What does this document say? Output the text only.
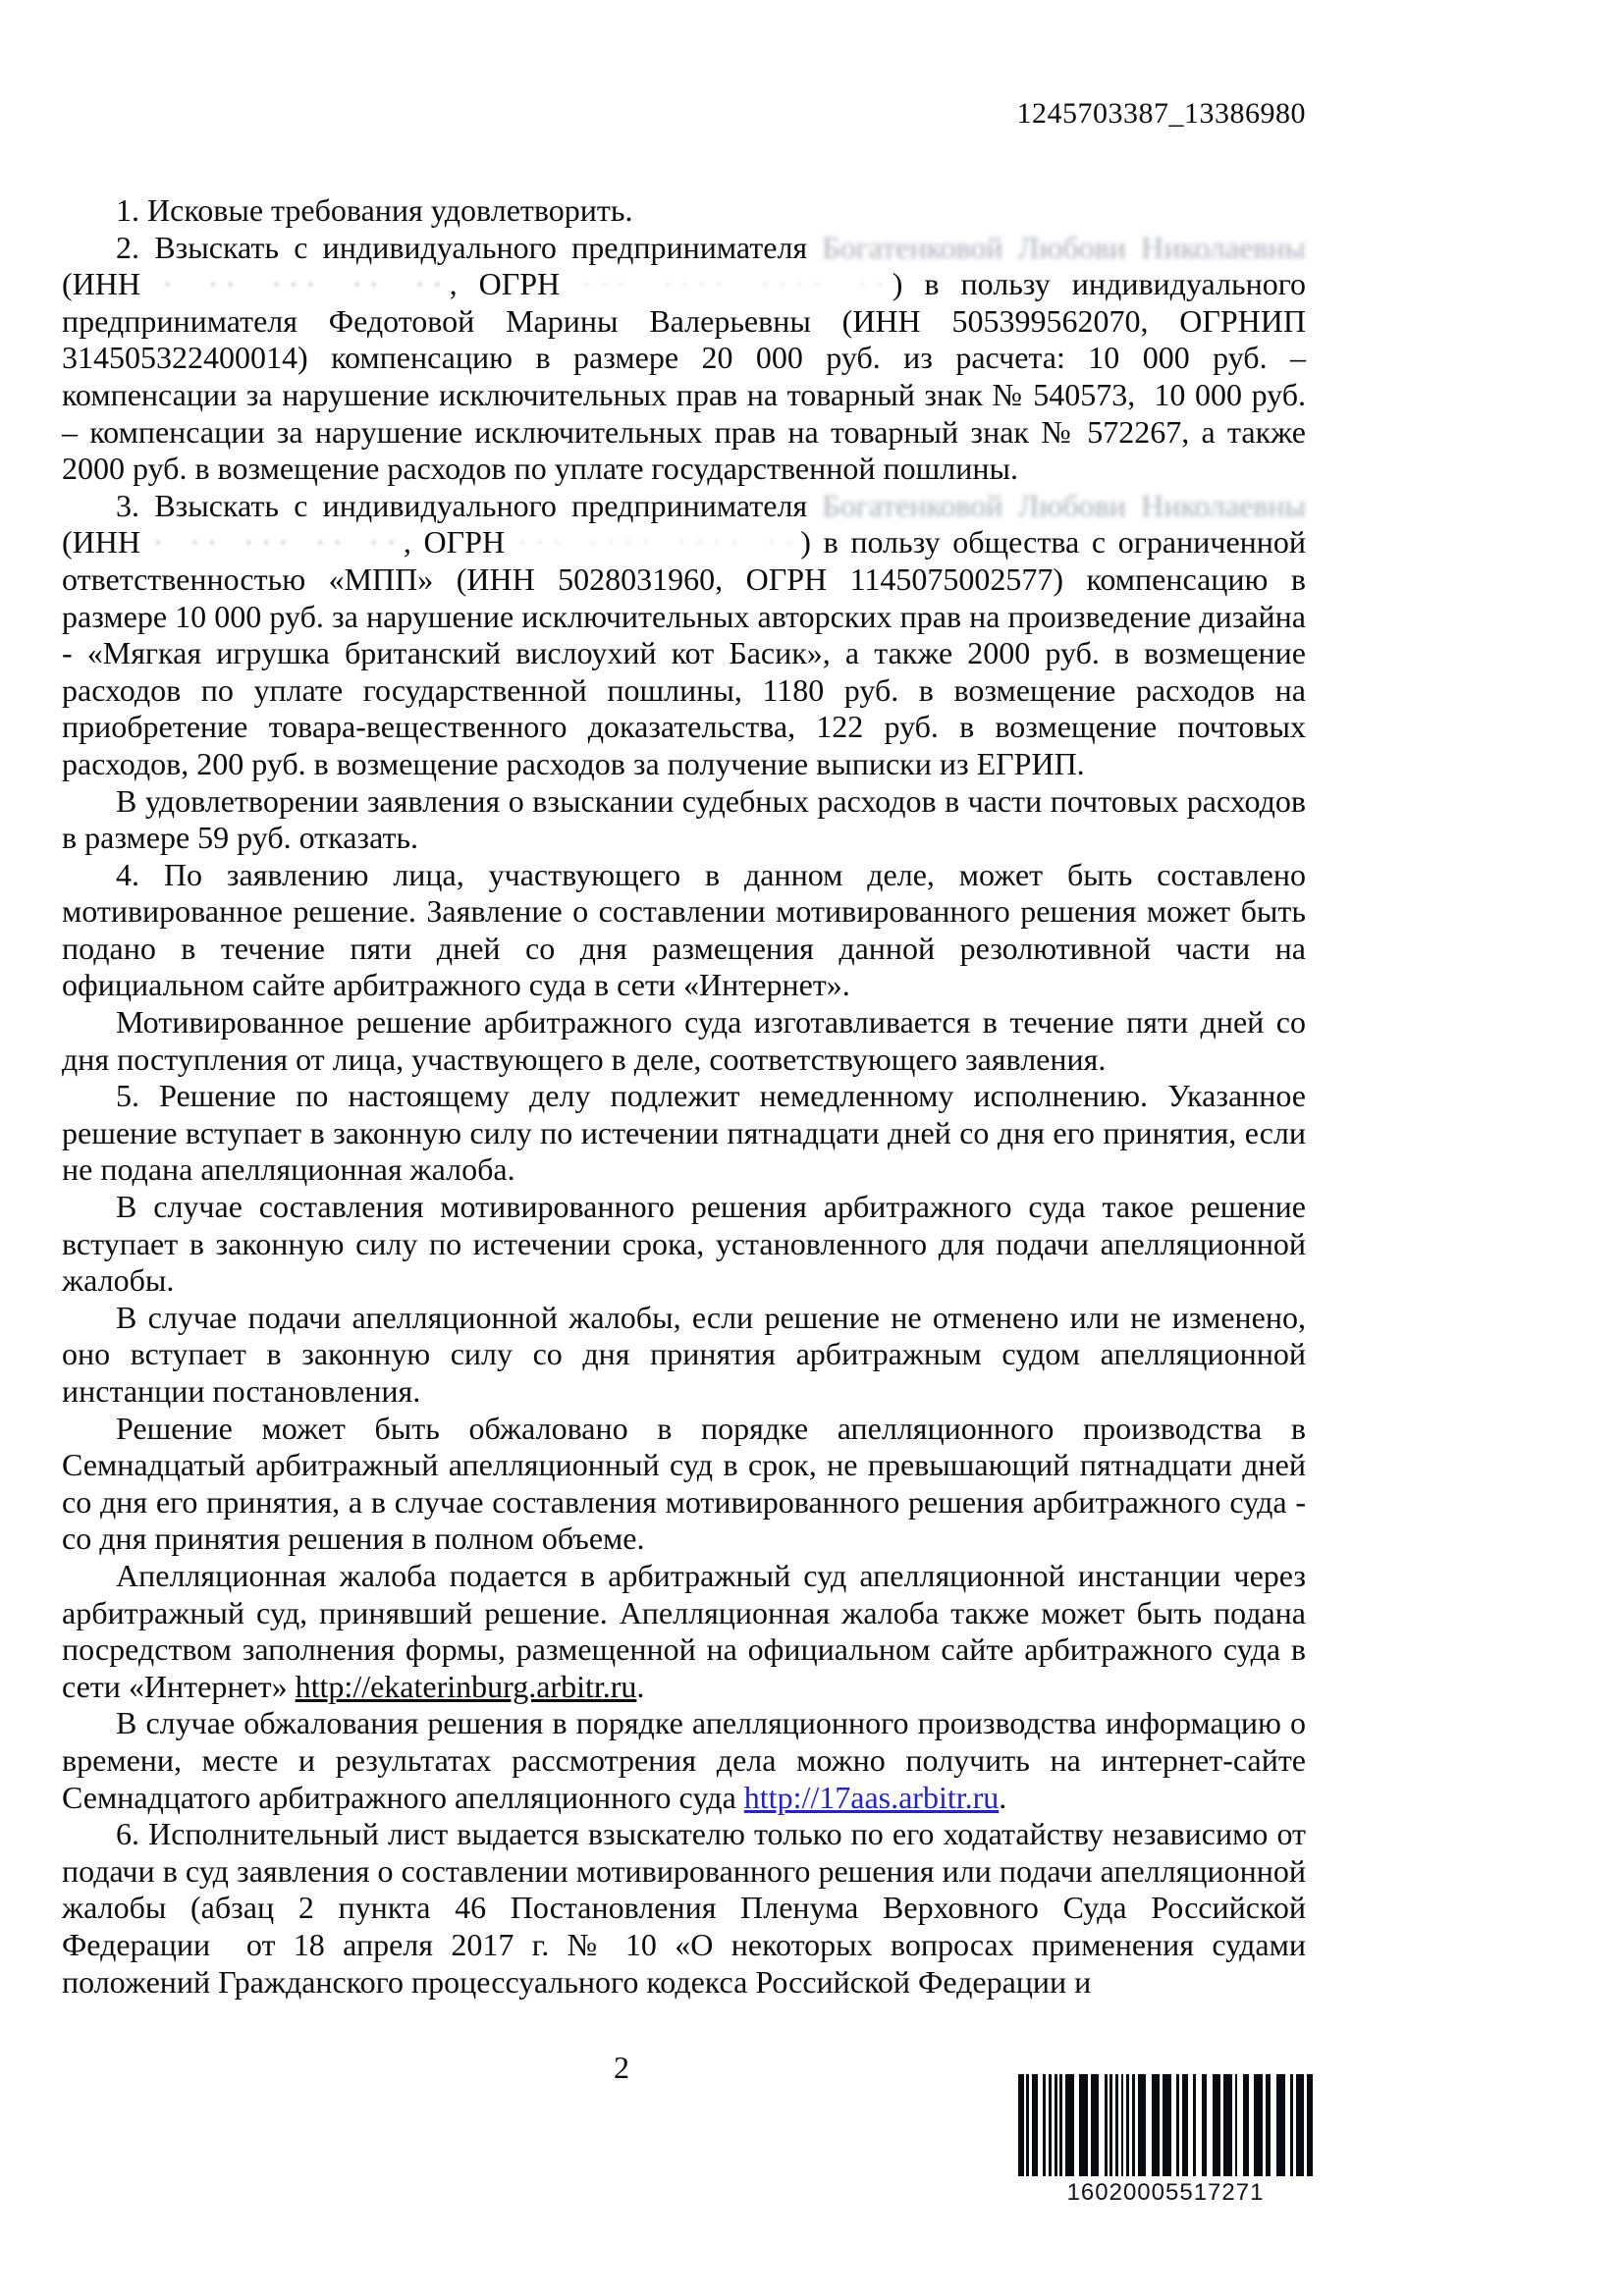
1245703387_13386980

1. Исковые требования удовлетворить.

2. Взыскать с индивидуального предпринимателя Богатенковой Любови Николаевны (ИНН · ·· ··· ·· ··, ОГРН ··· ···· ···· ··) в пользу индивидуального предпринимателя Федотовой Марины Валерьевны (ИНН 505399562070, ОГРНИП 314505322400014) компенсацию в размере 20 000 руб. из расчета: 10 000 руб. – компенсации за нарушение исключительных прав на товарный знак № 540573,  10 000 руб. – компенсации за нарушение исключительных прав на товарный знак № 572267, а также 2000 руб. в возмещение расходов по уплате государственной пошлины.

3. Взыскать с индивидуального предпринимателя Богатенковой Любови Николаевны (ИНН · ·· ··· ·· ··, ОГРН ··· ···· ···· ··) в пользу общества с ограниченной ответственностью «МПП» (ИНН 5028031960, ОГРН 1145075002577) компенсацию в размере 10 000 руб. за нарушение исключительных авторских прав на произведение дизайна - «Мягкая игрушка британский вислоухий кот Басик», а также 2000 руб. в возмещение расходов по уплате государственной пошлины, 1180 руб. в возмещение расходов на приобретение товара-вещественного доказательства, 122 руб. в возмещение почтовых расходов, 200 руб. в возмещение расходов за получение выписки из ЕГРИП.

В удовлетворении заявления о взыскании судебных расходов в части почтовых расходов в размере 59 руб. отказать.

4. По заявлению лица, участвующего в данном деле, может быть составлено мотивированное решение. Заявление о составлении мотивированного решения может быть подано в течение пяти дней со дня размещения данной резолютивной части на официальном сайте арбитражного суда в сети «Интернет».

Мотивированное решение арбитражного суда изготавливается в течение пяти дней со дня поступления от лица, участвующего в деле, соответствующего заявления.

5. Решение по настоящему делу подлежит немедленному исполнению. Указанное решение вступает в законную силу по истечении пятнадцати дней со дня его принятия, если не подана апелляционная жалоба.

В случае составления мотивированного решения арбитражного суда такое решение вступает в законную силу по истечении срока, установленного для подачи апелляционной жалобы.

В случае подачи апелляционной жалобы, если решение не отменено или не изменено, оно вступает в законную силу со дня принятия арбитражным судом апелляционной инстанции постановления.

Решение может быть обжаловано в порядке апелляционного производства в Семнадцатый арбитражный апелляционный суд в срок, не превышающий пятнадцати дней со дня его принятия, а в случае составления мотивированного решения арбитражного суда - со дня принятия решения в полном объеме.

Апелляционная жалоба подается в арбитражный суд апелляционной инстанции через арбитражный суд, принявший решение. Апелляционная жалоба также может быть подана посредством заполнения формы, размещенной на официальном сайте арбитражного суда в сети «Интернет» http://ekaterinburg.arbitr.ru.

В случае обжалования решения в порядке апелляционного производства информацию о времени, месте и результатах рассмотрения дела можно получить на интернет-сайте Семнадцатого арбитражного апелляционного суда http://17aas.arbitr.ru.

6. Исполнительный лист выдается взыскателю только по его ходатайству независимо от подачи в суд заявления о составлении мотивированного решения или подачи апелляционной жалобы (абзац 2 пункта 46 Постановления Пленума Верховного Суда Российской Федерации  от 18 апреля 2017 г. № 10 «О некоторых вопросах применения судами положений Гражданского процессуального кодекса Российской Федерации и

2
16020005517271
